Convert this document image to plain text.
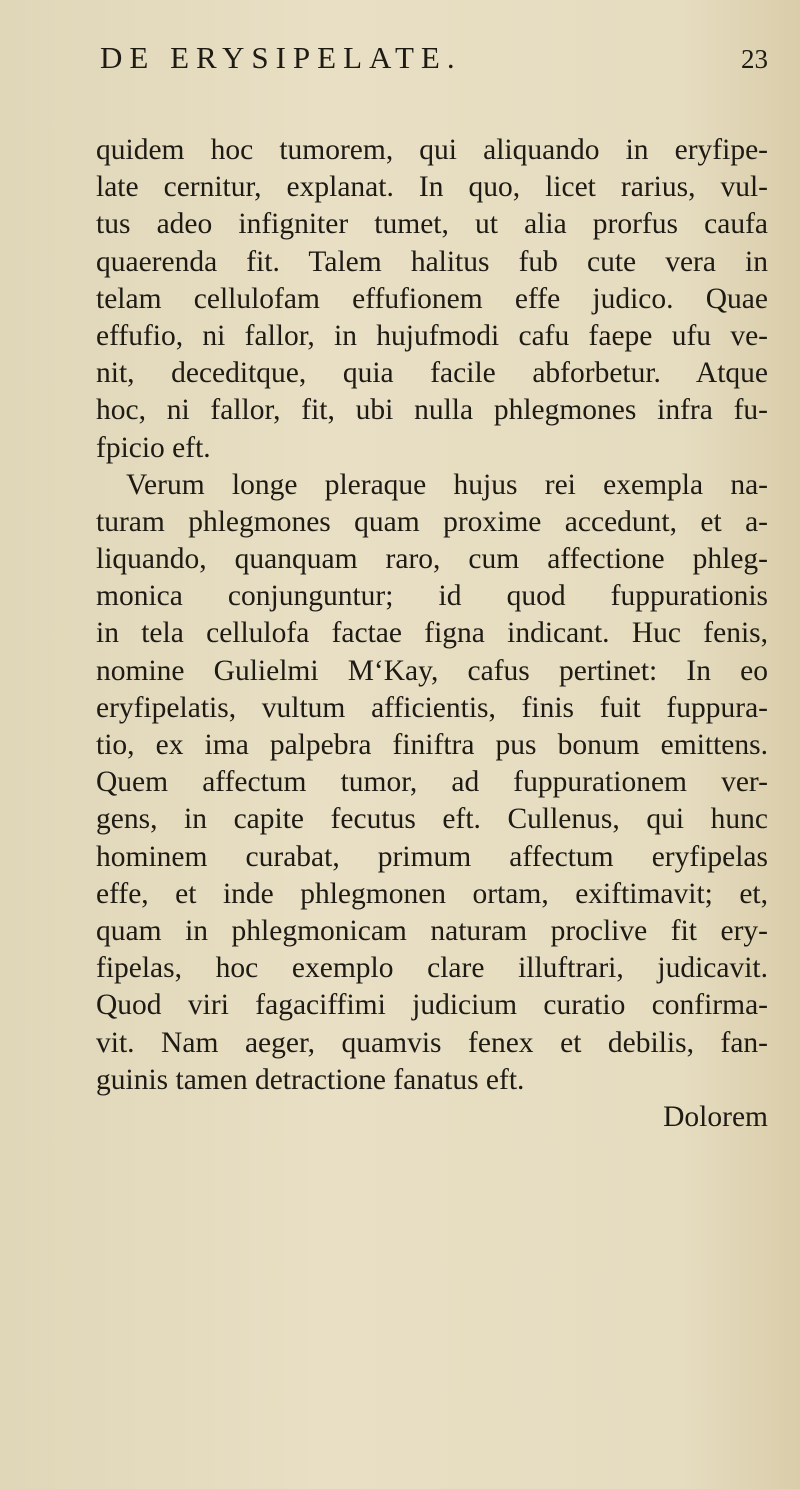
DE ERYSIPELATE.	23
quidem hoc tumorem, qui aliquando in eryfipe-
late cernitur, explanat. In quo, licet rarius, vul-
tus adeo infigniter tumet, ut alia prorfus caufa
quaerenda fit. Talem halitus fub cute vera in
telam cellulofam effufionem effe judico. Quae
effufio, ni fallor, in hujufmodi cafu faepe ufu ve-
nit, deceditque, quia facile abforbetur. Atque
hoc, ni fallor, fit, ubi nulla phlegmones infra fu-
fpicio eft.
Verum longe pleraque hujus rei exempla na-
turam phlegmones quam proxime accedunt, et a-
liquando, quanquam raro, cum affectione phleg-
monica conjunguntur; id quod fuppurationis
in tela cellulofa factae figna indicant. Huc fenis,
nomine Gulielmi M‘Kay, cafus pertinet: In eo
eryfipelatis, vultum afficientis, finis fuit fuppura-
tio, ex ima palpebra finiftra pus bonum emittens.
Quem affectum tumor, ad fuppurationem ver-
gens, in capite fecutus eft. Cullenus, qui hunc
hominem curabat, primum affectum eryfipelas
effe, et inde phlegmonen ortam, exiftimavit; et,
quam in phlegmonicam naturam proclive fit ery-
fipelas, hoc exemplo clare illuftrari, judicavit.
Quod viri fagaciffimi judicium curatio confirma-
vit. Nam aeger, quamvis fenex et debilis, fan-
guinis tamen detractione fanatus eft.
Dolorem
